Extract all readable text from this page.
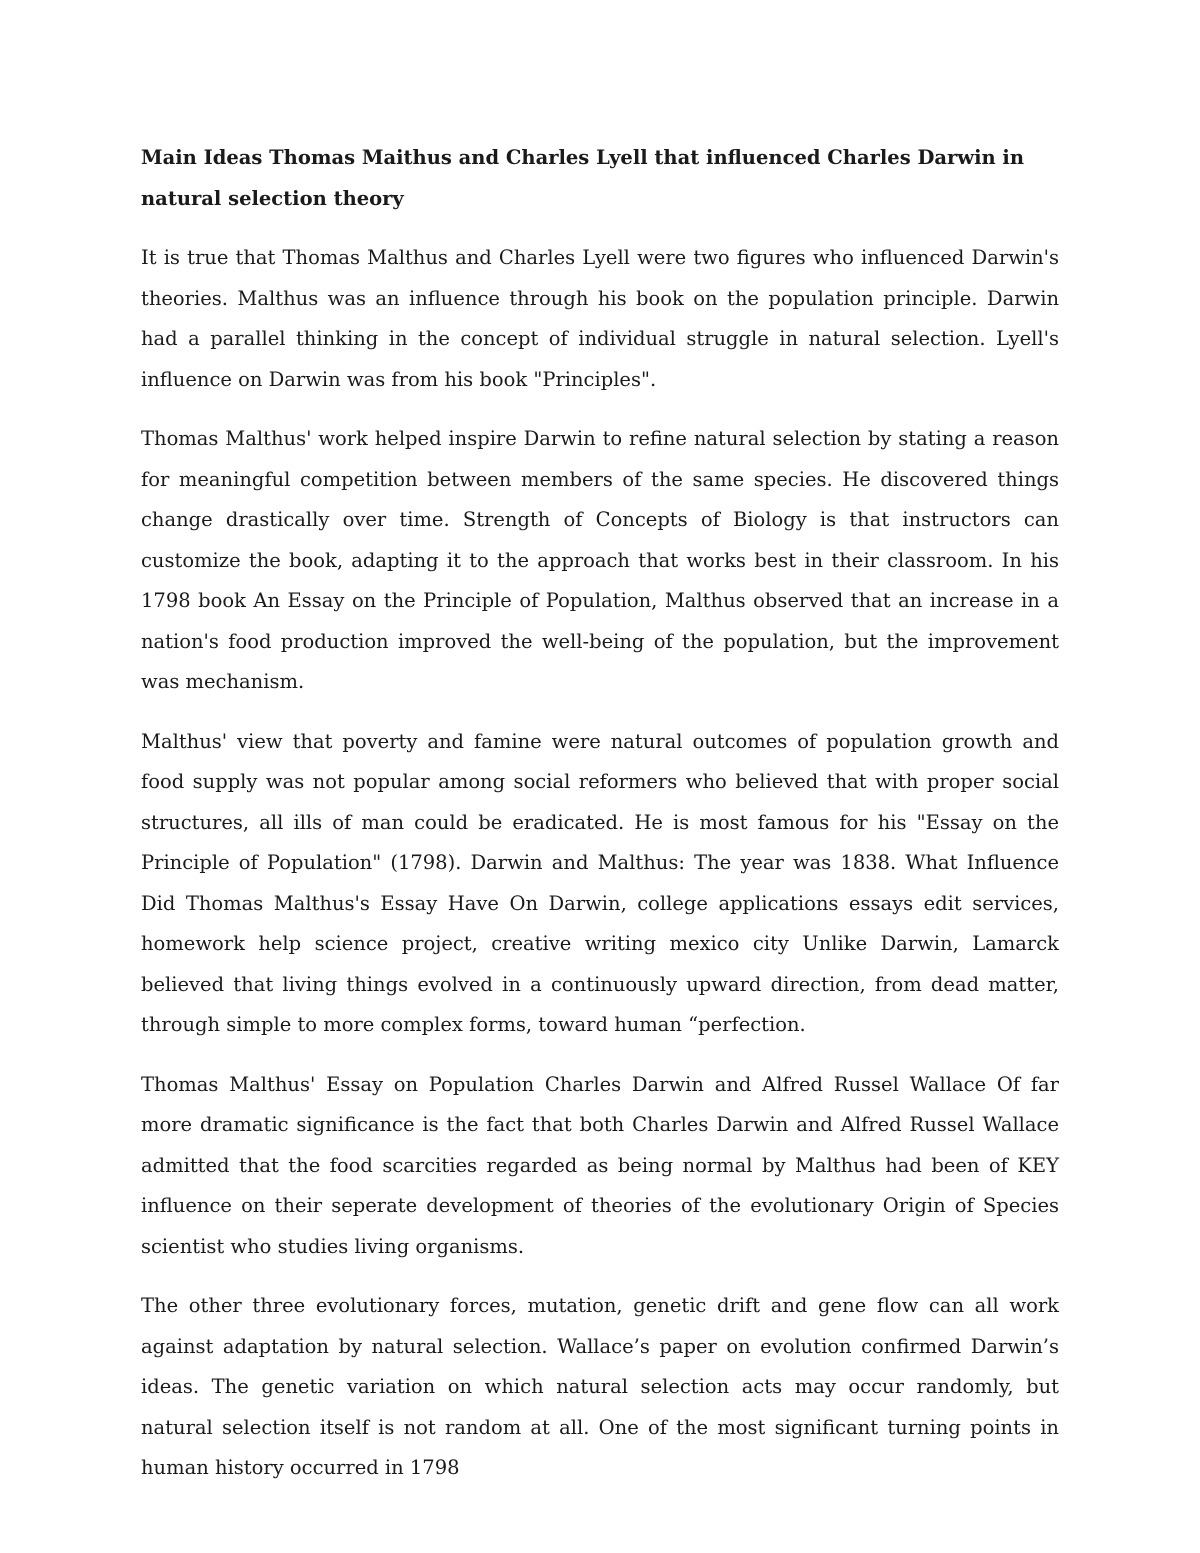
Main Ideas Thomas Maithus and Charles Lyell that influenced Charles Darwin in natural selection theory

It is true that Thomas Malthus and Charles Lyell were two figures who influenced Darwin's theories. Malthus was an influence through his book on the population principle. Darwin had a parallel thinking in the concept of individual struggle in natural selection. Lyell's influence on Darwin was from his book "Principles".

Thomas Malthus' work helped inspire Darwin to refine natural selection by stating a reason for meaningful competition between members of the same species. He discovered things change drastically over time. Strength of Concepts of Biology is that instructors can customize the book, adapting it to the approach that works best in their classroom. In his 1798 book An Essay on the Principle of Population, Malthus observed that an increase in a nation's food production improved the well-being of the population, but the improvement was mechanism.

Malthus' view that poverty and famine were natural outcomes of population growth and food supply was not popular among social reformers who believed that with proper social structures, all ills of man could be eradicated. He is most famous for his "Essay on the Principle of Population" (1798). Darwin and Malthus: The year was 1838. What Influence Did Thomas Malthus's Essay Have On Darwin, college applications essays edit services, homework help science project, creative writing mexico city Unlike Darwin, Lamarck believed that living things evolved in a continuously upward direction, from dead matter, through simple to more complex forms, toward human “perfection.

Thomas Malthus' Essay on Population Charles Darwin and Alfred Russel Wallace Of far more dramatic significance is the fact that both Charles Darwin and Alfred Russel Wallace admitted that the food scarcities regarded as being normal by Malthus had been of KEY influence on their seperate development of theories of the evolutionary Origin of Species scientist who studies living organisms.

The other three evolutionary forces, mutation, genetic drift and gene flow can all work against adaptation by natural selection. Wallace’s paper on evolution confirmed Darwin’s ideas. The genetic variation on which natural selection acts may occur randomly, but natural selection itself is not random at all. One of the most significant turning points in human history occurred in 1798
